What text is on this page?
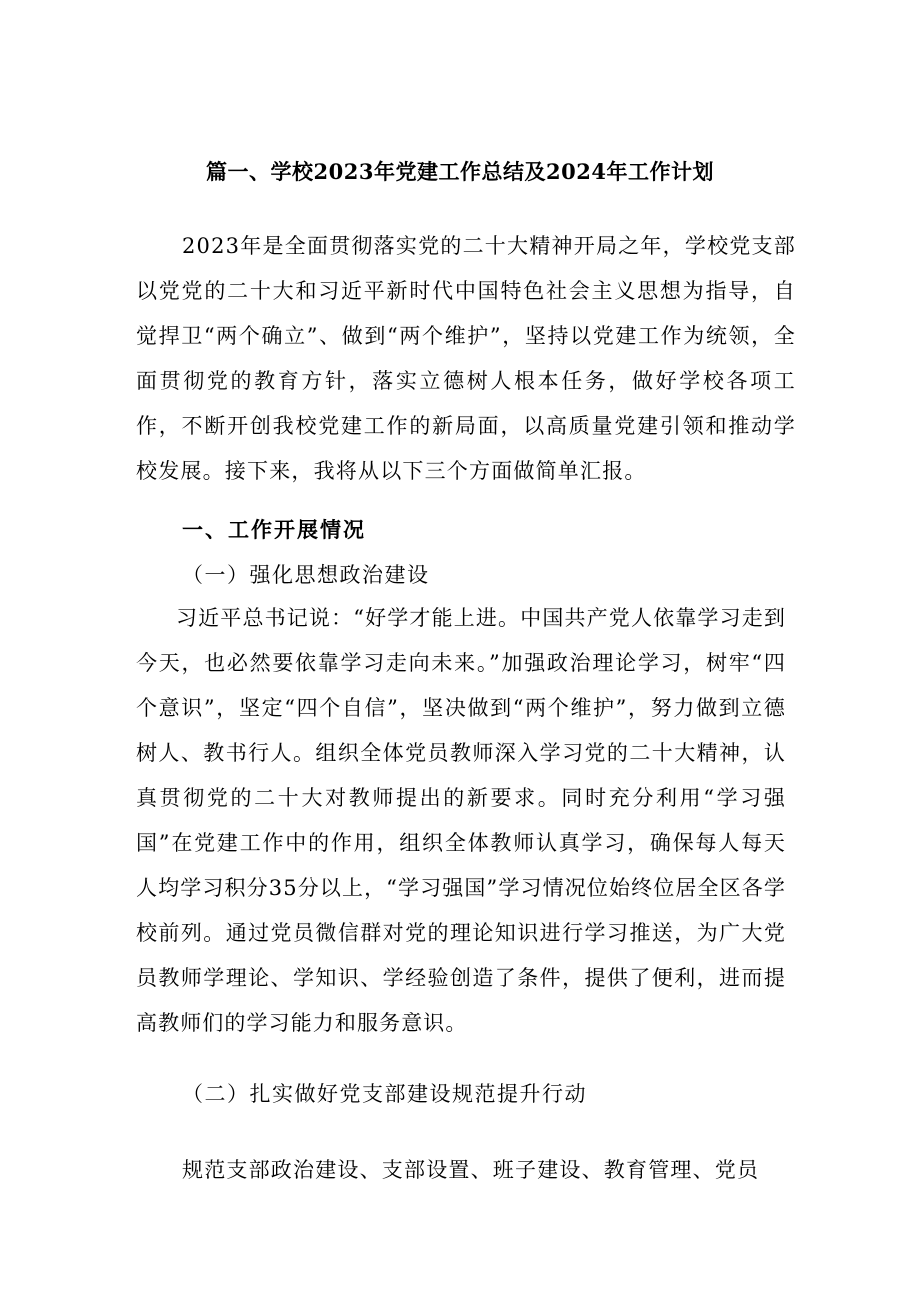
篇一、学校2023年党建工作总结及2024年工作计划

2023年是全面贯彻落实党的二十大精神开局之年，学校党支部以党党的二十大和习近平新时代中国特色社会主义思想为指导，自觉捍卫“两个确立”、做到“两个维护”，坚持以党建工作为统领，全面贯彻党的教育方针，落实立德树人根本任务，做好学校各项工作，不断开创我校党建工作的新局面，以高质量党建引领和推动学校发展。接下来，我将从以下三个方面做简单汇报。

一、工作开展情况
（一）强化思想政治建设

习近平总书记说：“好学才能上进。中国共产党人依靠学习走到今天，也必然要依靠学习走向未来。”加强政治理论学习，树牢“四个意识”，坚定“四个自信”，坚决做到“两个维护”，努力做到立德树人、教书行人。组织全体党员教师深入学习党的二十大精神，认真贯彻党的二十大对教师提出的新要求。同时充分利用“学习强国”在党建工作中的作用，组织全体教师认真学习，确保每人每天人均学习积分35分以上，“学习强国”学习情况位始终位居全区各学校前列。通过党员微信群对党的理论知识进行学习推送，为广大党员教师学理论、学知识、学经验创造了条件，提供了便利，进而提高教师们的学习能力和服务意识。

（二）扎实做好党支部建设规范提升行动

规范支部政治建设、支部设置、班子建设、教育管理、党员
